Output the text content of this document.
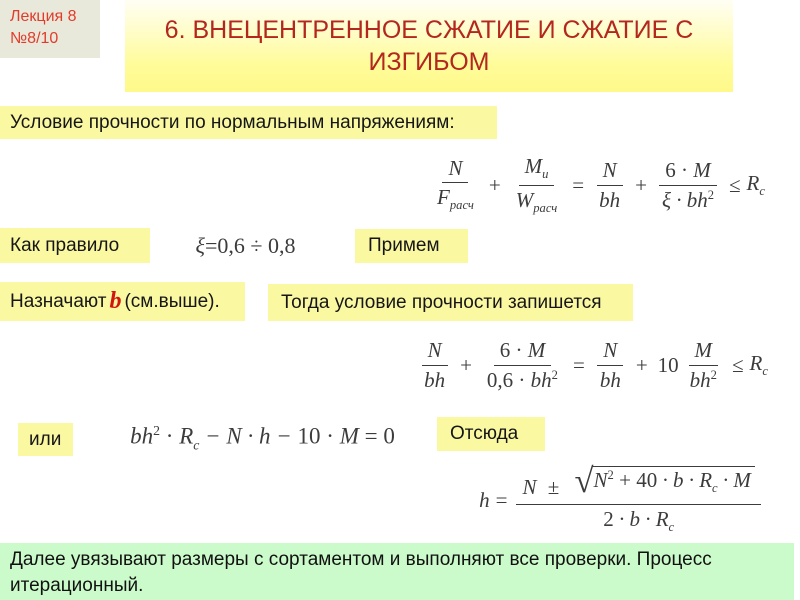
Лекция 8
№8/10	6. ВНЕЦЕНТРЕННОЕ СЖАТИЕ И СЖАТИЕ С ИЗГИБОМ
Условие прочности по нормальным напряжениям:
N
$F_{расч}$
+
$M_и$
$W_{расч}$
= $\frac{N}{bh} + \frac{6 \cdot M}{\xi \cdot bh^2} \le R_c$
Как правило	ξ = 0,6 ÷ 0,8	Примем
Назначают b (см.выше).	Тогда условие прочности запишется
$\frac{N}{bh} + \frac{6 \cdot M}{0,6 \cdot bh^2} = \frac{N}{bh} + 10 \frac{M}{bh^2} \le R_c$
или	$bh^2 \cdot R_c - N \cdot h - 10 \cdot M = 0$	Отсюда
$h = \frac{N \pm √ N^2 + 40 \cdot b \cdot R_c \cdot M}{2 \cdot b \cdot R_c}$
Далее увязывают размеры с сортаментом и выполняют все проверки. Процесс итерационный.
